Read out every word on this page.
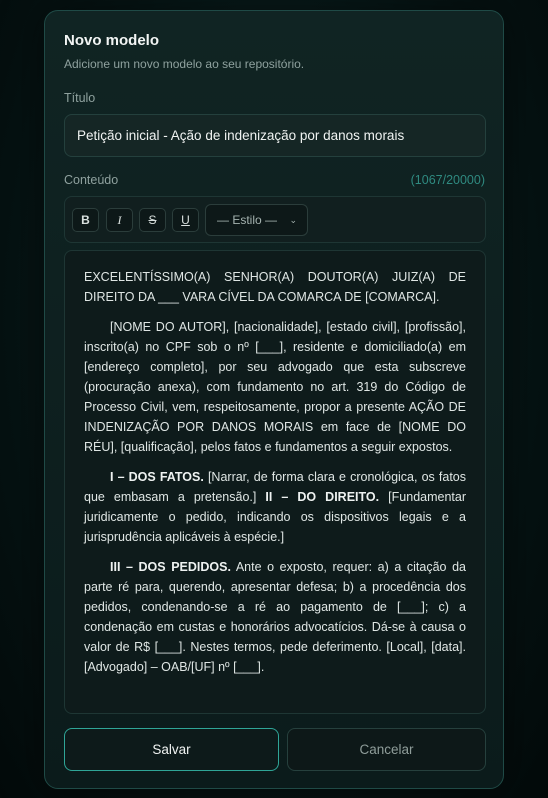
Novo modelo
Adicione um novo modelo ao seu repositório.
Título
Petição inicial - Ação de indenização por danos morais
Conteúdo	(1067/20000)
B	I	S	U	— Estilo — ⌄

EXCELENTÍSSIMO(A) SENHOR(A) DOUTOR(A) JUIZ(A) DE DIREITO DA ___ VARA CÍVEL DA COMARCA DE [COMARCA].

[NOME DO AUTOR], [nacionalidade], [estado civil], [profissão], inscrito(a) no CPF sob o nº [___], residente e domiciliado(a) em [endereço completo], por seu advogado que esta subscreve (procuração anexa), com fundamento no art. 319 do Código de Processo Civil, vem, respeitosamente, propor a presente AÇÃO DE INDENIZAÇÃO POR DANOS MORAIS em face de [NOME DO RÉU], [qualificação], pelos fatos e fundamentos a seguir expostos.

I – DOS FATOS. [Narrar, de forma clara e cronológica, os fatos que embasam a pretensão.] II – DO DIREITO. [Fundamentar juridicamente o pedido, indicando os dispositivos legais e a jurisprudência aplicáveis à espécie.]

III – DOS PEDIDOS. Ante o exposto, requer: a) a citação da parte ré para, querendo, apresentar defesa; b) a procedência dos pedidos, condenando-se a ré ao pagamento de [___]; c) a condenação em custas e honorários advocatícios. Dá-se à causa o valor de R$ [___]. Nestes termos, pede deferimento. [Local], [data]. [Advogado] – OAB/[UF] nº [___].

Salvar	Cancelar
